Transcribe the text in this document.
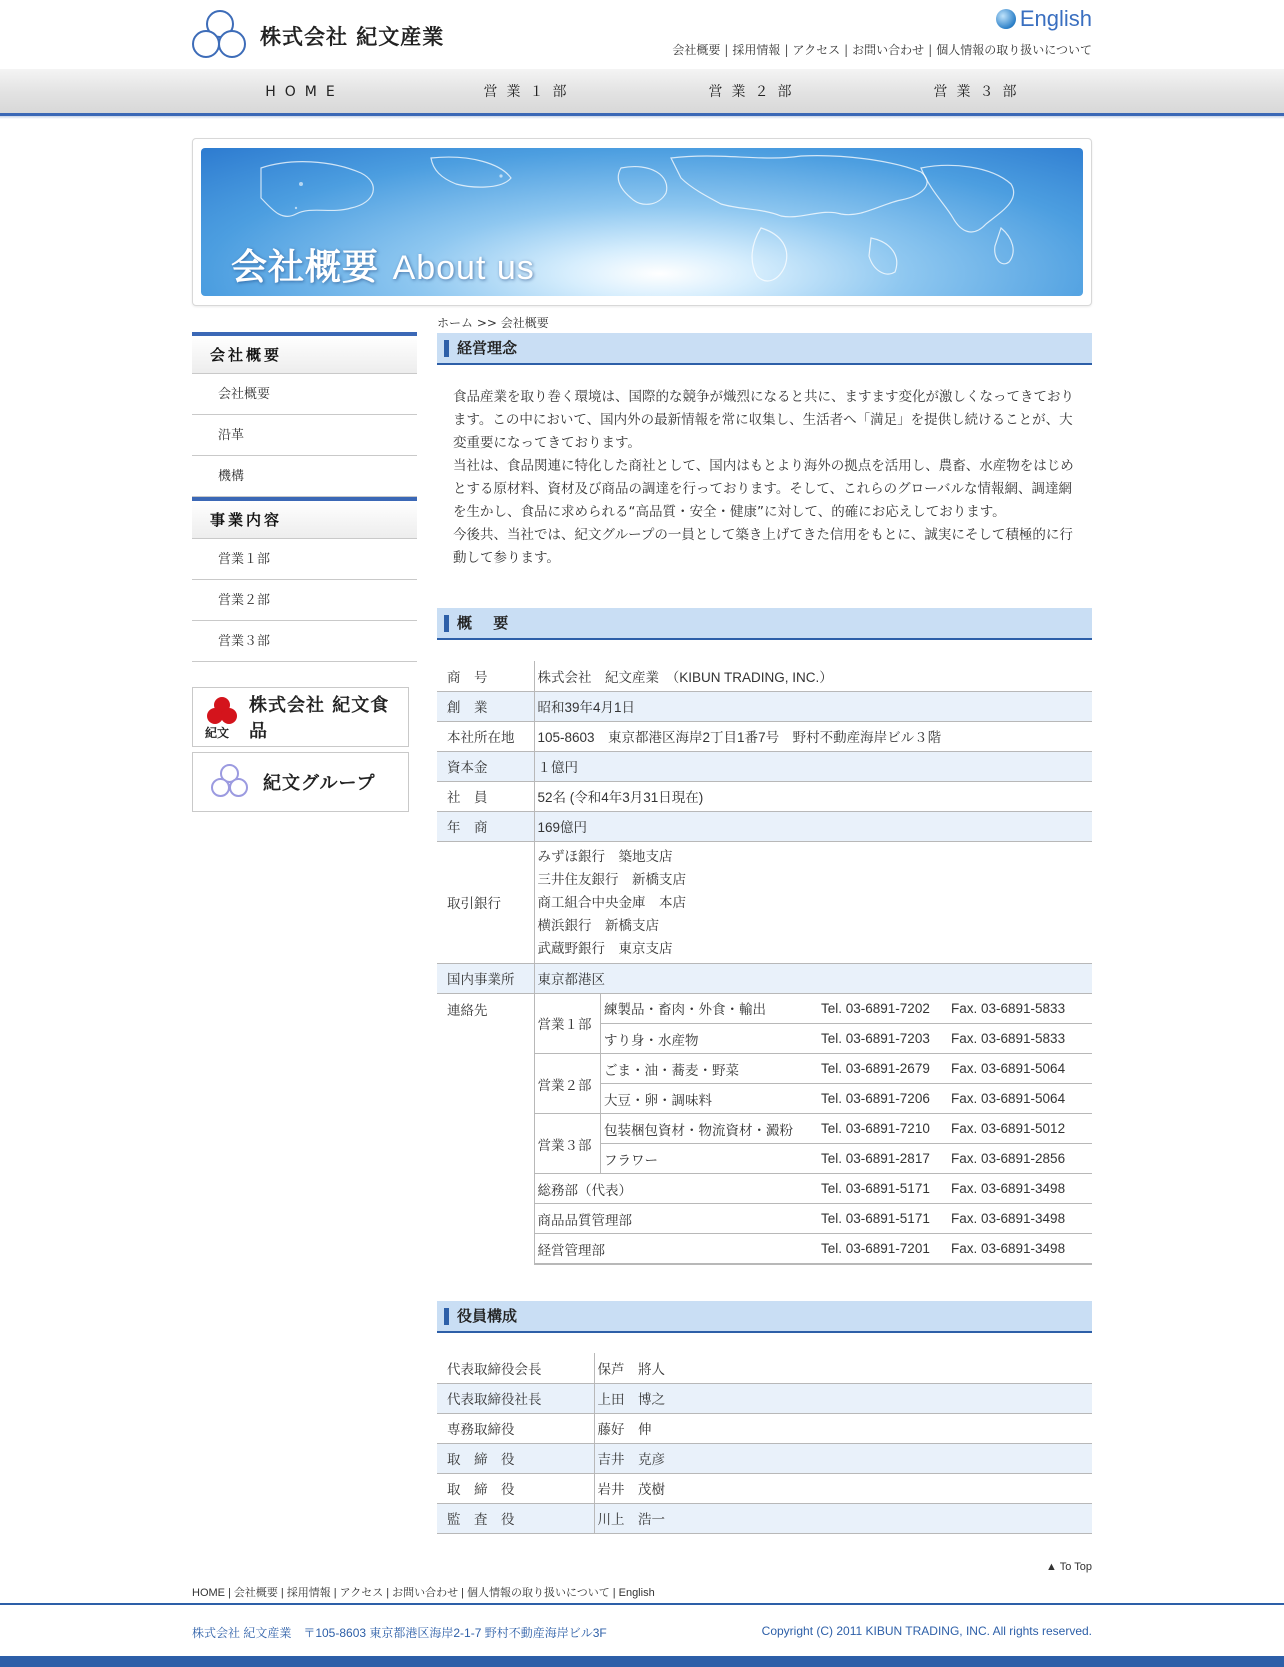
株式会社 紀文産業
English
会社概要 | 採用情報 | アクセス | お問い合わせ | 個人情報の取り扱いについて
HOME	営業１部	営業２部	営業３部
会社概要 About us
会社概要
会社概要
沿革
機構
事業内容
営業１部
営業２部
営業３部
紀文
株式会社 紀文食品
紀文グループ
ホーム >> 会社概要
経営理念

食品産業を取り巻く環境は、国際的な競争が熾烈になると共に、ますます変化が激しくなってきております。この中において、国内外の最新情報を常に収集し、生活者へ「満足」を提供し続けることが、大変重要になってきております。

当社は、食品関連に特化した商社として、国内はもとより海外の拠点を活用し、農畜、水産物をはじめとする原材料、資材及び商品の調達を行っております。そして、これらのグローバルな情報網、調達網を生かし、食品に求められる“高品質・安全・健康”に対して、的確にお応えしております。

今後共、当社では、紀文グループの一員として築き上げてきた信用をもとに、誠実にそして積極的に行動して参ります。

概 要
商　号	株式会社　紀文産業　（KIBUN TRADING, INC.）
創　業	昭和39年4月1日
本社所在地	105-8603　東京都港区海岸2丁目1番7号　野村不動産海岸ビル３階
資本金	１億円
社　員	52名 (令和4年3月31日現在)
年　商	169億円
取引銀行	
みずほ銀行　築地支店
三井住友銀行　新橋支店
商工組合中央金庫　本店
横浜銀行　新橋支店
武蔵野銀行　東京支店

国内事業所	東京都港区
連絡先	
営業１部	練製品・畜肉・外食・輸出	Tel. 03-6891-7202	Fax. 03-6891-5833
すり身・水産物	Tel. 03-6891-7203	Fax. 03-6891-5833
営業２部	ごま・油・蕎麦・野菜	Tel. 03-6891-2679	Fax. 03-6891-5064
大豆・卵・調味料	Tel. 03-6891-7206	Fax. 03-6891-5064
営業３部	包装梱包資材・物流資材・澱粉	Tel. 03-6891-7210	Fax. 03-6891-5012
フラワー	Tel. 03-6891-2817	Fax. 03-6891-2856
総務部（代表）	Tel. 03-6891-5171	Fax. 03-6891-3498
商品品質管理部	Tel. 03-6891-5171	Fax. 03-6891-3498
経営管理部	Tel. 03-6891-7201	Fax. 03-6891-3498
役員構成
代表取締役会長	保芦　將人
代表取締役社長	上田　博之
専務取締役	藤好　伸
取　締　役	吉井　克彦
取　締　役	岩井　茂樹
監　査　役	川上　浩一
▲ To Top
HOME | 会社概要 | 採用情報 | アクセス | お問い合わせ | 個人情報の取り扱いについて | English
株式会社 紀文産業　〒105-8603 東京都港区海岸2-1-7 野村不動産海岸ビル3F	Copyright (C) 2011 KIBUN TRADING, INC. All rights reserved.
